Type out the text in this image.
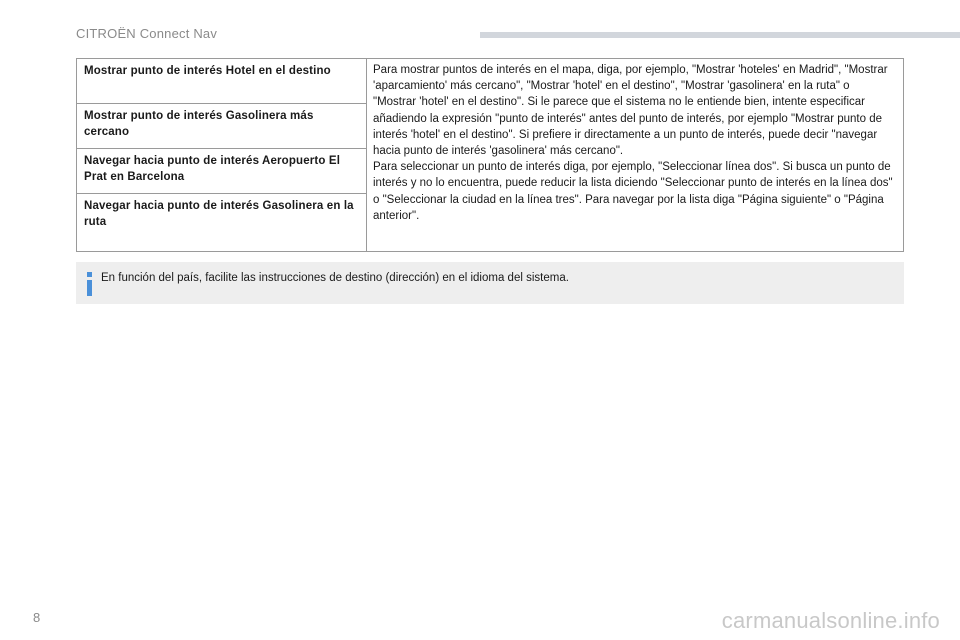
CITROËN Connect Nav
Mostrar punto de interés Hotel en el destino	Para mostrar puntos de interés en el mapa, diga, por ejemplo, "Mostrar 'hoteles' en Madrid", "Mostrar 'aparcamiento' más cercano", "Mostrar 'hotel' en el destino", "Mostrar 'gasolinera' en la ruta" o "Mostrar 'hotel' en el destino". Si le parece que el sistema no le entiende bien, intente especificar añadiendo la expresión "punto de interés" antes del punto de interés, por ejemplo "Mostrar punto de interés 'hotel' en el destino". Si prefiere ir directamente a un punto de interés, puede decir "navegar hacia punto de interés 'gasolinera' más cercano".
Para seleccionar un punto de interés diga, por ejemplo, "Seleccionar línea dos". Si busca un punto de interés y no lo encuentra, puede reducir la lista diciendo "Seleccionar punto de interés en la línea dos" o "Seleccionar la ciudad en la línea tres". Para navegar por la lista diga "Página siguiente" o "Página anterior".

Mostrar punto de interés Gasolinera más cercano
Navegar hacia punto de interés Aeropuerto El Prat en Barcelona
Navegar hacia punto de interés Gasolinera en la ruta
En función del país, facilite las instrucciones de destino (dirección) en el idioma del sistema.
8	carmanualsonline.info
